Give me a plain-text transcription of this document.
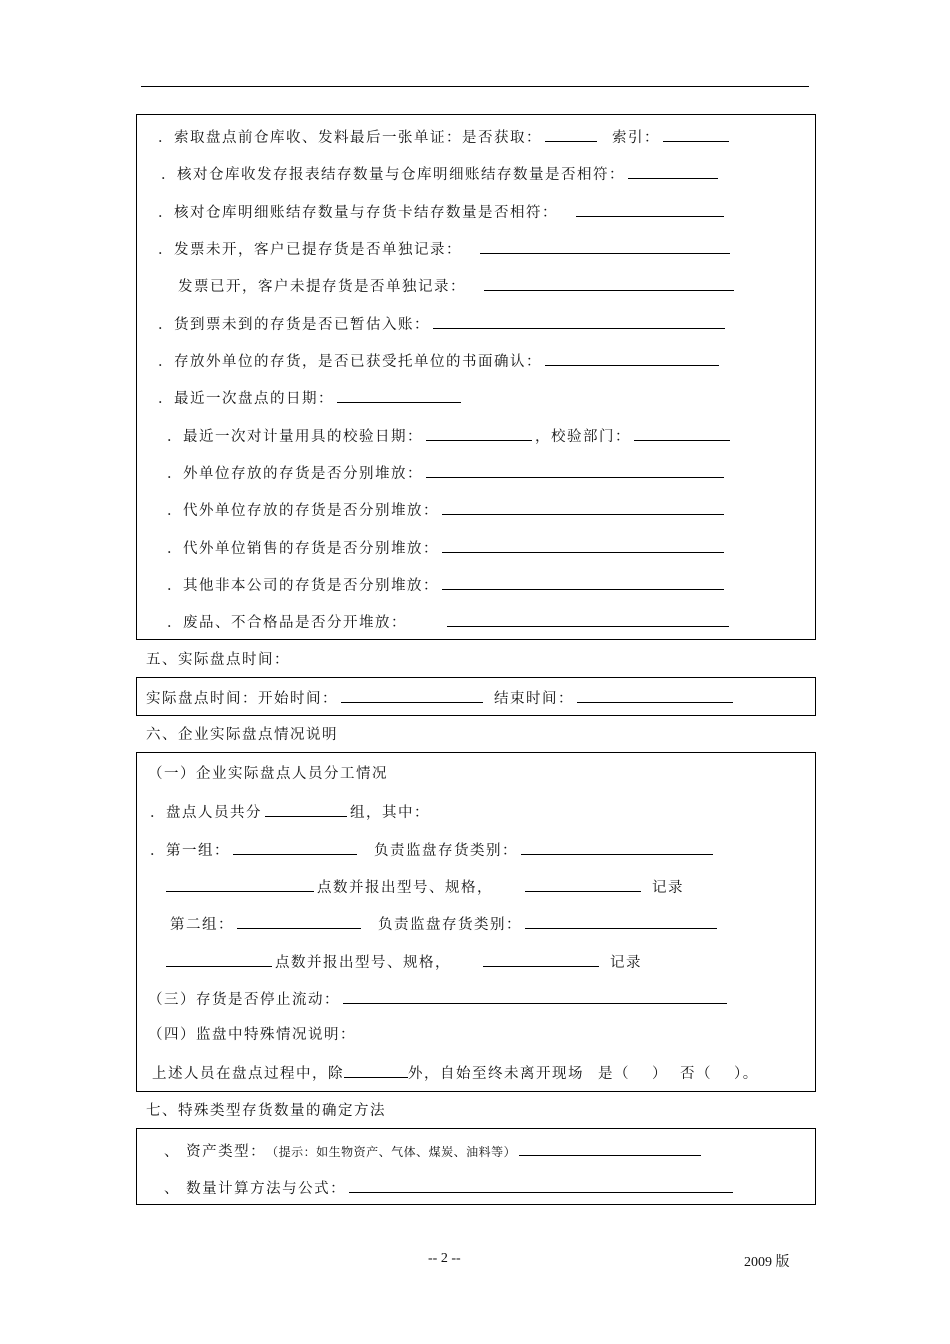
．索取盘点前仓库收、发料最后一张单证：是否获取：	索引：
．核对仓库收发存报表结存数量与仓库明细账结存数量是否相符：
．核对仓库明细账结存数量与存货卡结存数量是否相符：
．发票未开，客户已提存货是否单独记录：
发票已开，客户未提存货是否单独记录：
．货到票未到的存货是否已暂估入账：
．存放外单位的存货，是否已获受托单位的书面确认：
．最近一次盘点的日期：
．最近一次对计量用具的校验日期：	，校验部门：
．外单位存放的存货是否分别堆放：
．代外单位存放的存货是否分别堆放：
．代外单位销售的存货是否分别堆放：
．其他非本公司的存货是否分别堆放：
．废品、不合格品是否分开堆放：
五、实际盘点时间：
实际盘点时间：开始时间：	结束时间：
六、企业实际盘点情况说明
（一）企业实际盘点人员分工情况
．盘点人员共分	组，其中：
．第一组：	负责监盘存货类别：
点数并报出型号、规格，	记录
第二组：	负责监盘存货类别：
点数并报出型号、规格，	记录
（三）存货是否停止流动：
（四）监盘中特殊情况说明：
上述人员在盘点过程中，除	外，自始至终未离开现场 是（ ） 否（ ）。
七、特殊类型存货数量的确定方法
、 资产类型：（提示：如生物资产、气体、煤炭、油料等）
、 数量计算方法与公式：
-- 2 --	2009 版
